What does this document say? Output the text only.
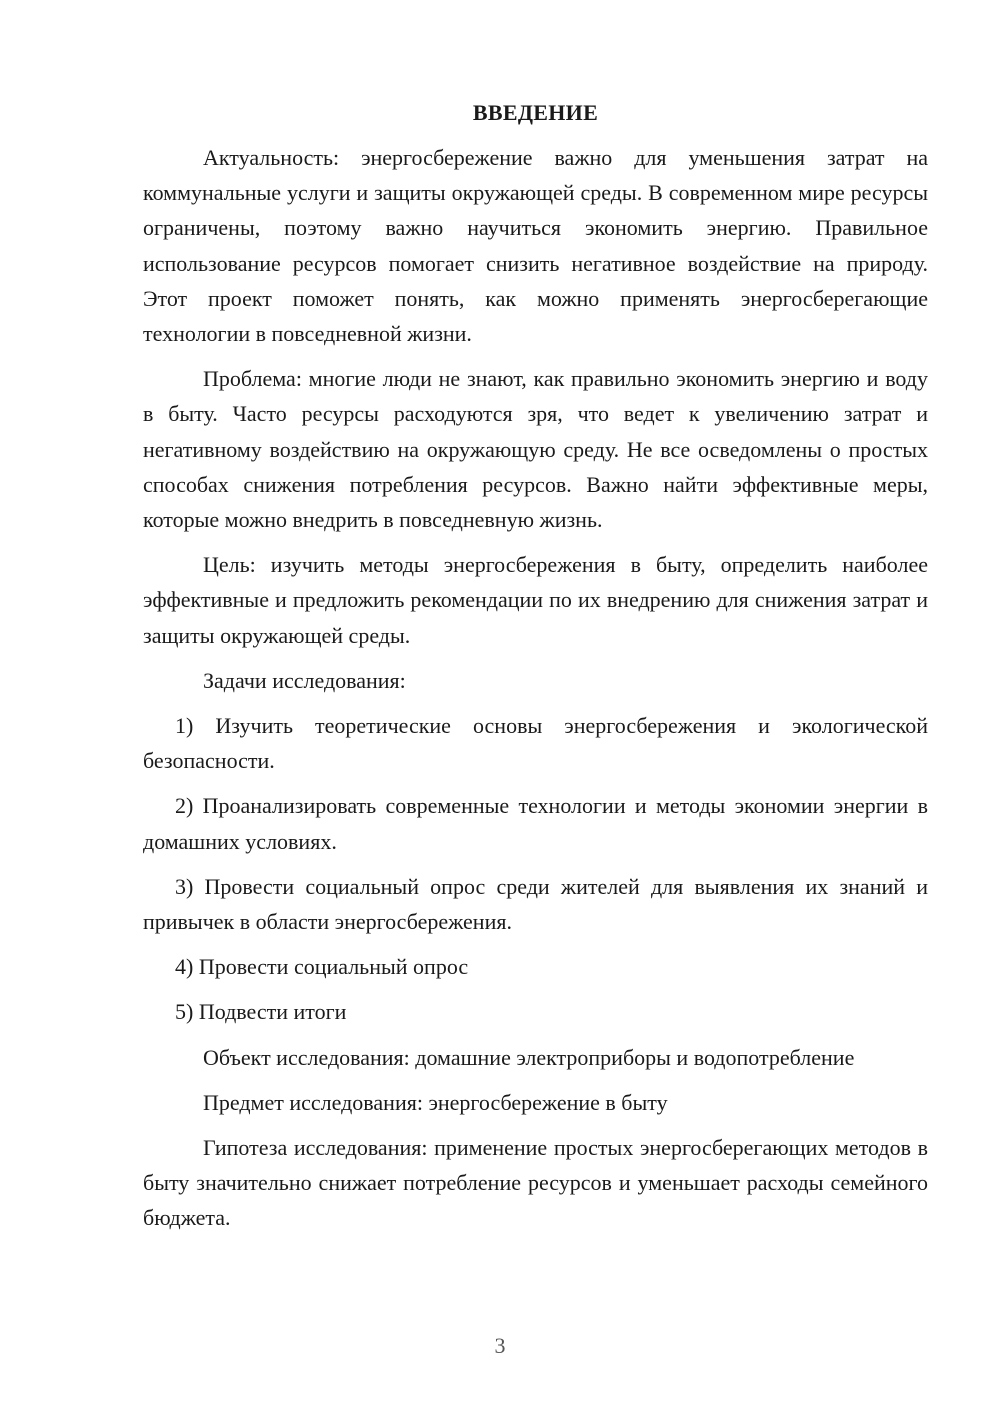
ВВЕДЕНИЕ

Актуальность: энергосбережение важно для уменьшения затрат на коммунальные услуги и защиты окружающей среды. В современном мире ресурсы ограничены, поэтому важно научиться экономить энергию. Правильное использование ресурсов помогает снизить негативное воздействие на природу. Этот проект поможет понять, как можно применять энергосберегающие технологии в повседневной жизни.

Проблема: многие люди не знают, как правильно экономить энергию и воду в быту. Часто ресурсы расходуются зря, что ведет к увеличению затрат и негативному воздействию на окружающую среду. Не все осведомлены о простых способах снижения потребления ресурсов. Важно найти эффективные меры, которые можно внедрить в повседневную жизнь.

Цель: изучить методы энергосбережения в быту, определить наиболее эффективные и предложить рекомендации по их внедрению для снижения затрат и защиты окружающей среды.

Задачи исследования:

1) Изучить теоретические основы энергосбережения и экологической безопасности.

2) Проанализировать современные технологии и методы экономии энергии в домашних условиях.

3) Провести социальный опрос среди жителей для выявления их знаний и привычек в области энергосбережения.

4) Провести социальный опрос

5) Подвести итоги

Объект исследования: домашние электроприборы и водопотребление

Предмет исследования: энергосбережение в быту

Гипотеза исследования: применение простых энергосберегающих методов в быту значительно снижает потребление ресурсов и уменьшает расходы семейного бюджета.

3
